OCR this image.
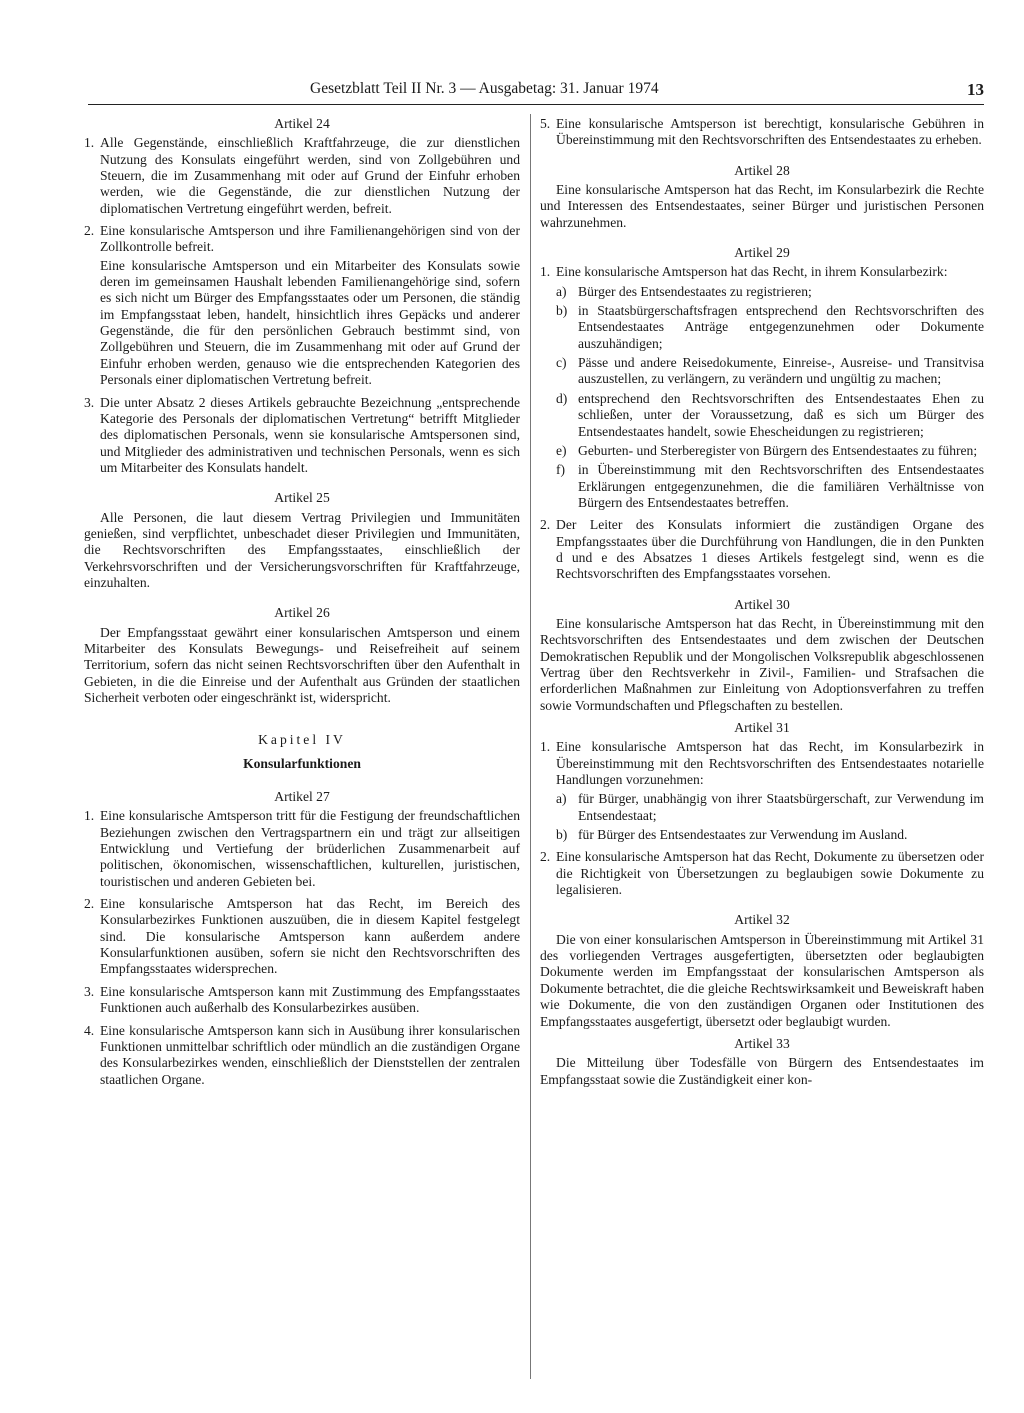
Gesetzblatt Teil II Nr. 3 — Ausgabetag: 31. Januar 1974	13
Artikel 24
1. Alle Gegenstände, einschließlich Kraftfahrzeuge, die zur dienstlichen Nutzung des Konsulats eingeführt werden, sind von Zollgebühren und Steuern, die im Zusammenhang mit oder auf Grund der Einfuhr erhoben werden, wie die Gegenstände, die zur dienstlichen Nutzung der diplomatischen Vertretung eingeführt werden, befreit.
2. Eine konsularische Amtsperson und ihre Familienangehörigen sind von der Zollkontrolle befreit.
Eine konsularische Amtsperson und ein Mitarbeiter des Konsulats sowie deren im gemeinsamen Haushalt lebenden Familienangehörige sind, sofern es sich nicht um Bürger des Empfangsstaates oder um Personen, die ständig im Empfangsstaat leben, handelt, hinsichtlich ihres Gepäcks und anderer Gegenstände, die für den persönlichen Gebrauch bestimmt sind, von Zollgebühren und Steuern, die im Zusammenhang mit oder auf Grund der Einfuhr erhoben werden, genauso wie die entsprechenden Kategorien des Personals einer diplomatischen Vertretung befreit.
3. Die unter Absatz 2 dieses Artikels gebrauchte Bezeichnung „entsprechende Kategorie des Personals der diplomatischen Vertretung“ betrifft Mitglieder des diplomatischen Personals, wenn sie konsularische Amtspersonen sind, und Mitglieder des administrativen und technischen Personals, wenn es sich um Mitarbeiter des Konsulats handelt.
Artikel 25
Alle Personen, die laut diesem Vertrag Privilegien und Immunitäten genießen, sind verpflichtet, unbeschadet dieser Privilegien und Immunitäten, die Rechtsvorschriften des Empfangsstaates, einschließlich der Verkehrsvorschriften und der Versicherungsvorschriften für Kraftfahrzeuge, einzuhalten.
Artikel 26
Der Empfangsstaat gewährt einer konsularischen Amtsperson und einem Mitarbeiter des Konsulats Bewegungs- und Reisefreiheit auf seinem Territorium, sofern das nicht seinen Rechtsvorschriften über den Aufenthalt in Gebieten, in die die Einreise und der Aufenthalt aus Gründen der staatlichen Sicherheit verboten oder eingeschränkt ist, widerspricht.
Kapitel IV
Konsularfunktionen
Artikel 27
1. Eine konsularische Amtsperson tritt für die Festigung der freundschaftlichen Beziehungen zwischen den Vertragspartnern ein und trägt zur allseitigen Entwicklung und Vertiefung der brüderlichen Zusammenarbeit auf politischen, ökonomischen, wissenschaftlichen, kulturellen, juristischen, touristischen und anderen Gebieten bei.
2. Eine konsularische Amtsperson hat das Recht, im Bereich des Konsularbezirkes Funktionen auszuüben, die in diesem Kapitel festgelegt sind. Die konsularische Amtsperson kann außerdem andere Konsularfunktionen ausüben, sofern sie nicht den Rechtsvorschriften des Empfangsstaates widersprechen.
3. Eine konsularische Amtsperson kann mit Zustimmung des Empfangsstaates Funktionen auch außerhalb des Konsularbezirkes ausüben.
4. Eine konsularische Amtsperson kann sich in Ausübung ihrer konsularischen Funktionen unmittelbar schriftlich oder mündlich an die zuständigen Organe des Konsularbezirkes wenden, einschließlich der Dienststellen der zentralen staatlichen Organe.
5. Eine konsularische Amtsperson ist berechtigt, konsularische Gebühren in Übereinstimmung mit den Rechtsvorschriften des Entsendestaates zu erheben.
Artikel 28
Eine konsularische Amtsperson hat das Recht, im Konsularbezirk die Rechte und Interessen des Entsendestaates, seiner Bürger und juristischen Personen wahrzunehmen.
Artikel 29
1. Eine konsularische Amtsperson hat das Recht, in ihrem Konsularbezirk:
a) Bürger des Entsendestaates zu registrieren;
b) in Staatsbürgerschaftsfragen entsprechend den Rechtsvorschriften des Entsendestaates Anträge entgegenzunehmen oder Dokumente auszuhändigen;
c) Pässe und andere Reisedokumente, Einreise-, Ausreise- und Transitvisa auszustellen, zu verlängern, zu verändern und ungültig zu machen;
d) entsprechend den Rechtsvorschriften des Entsendestaates Ehen zu schließen, unter der Voraussetzung, daß es sich um Bürger des Entsendestaates handelt, sowie Ehescheidungen zu registrieren;
e) Geburten- und Sterberegister von Bürgern des Entsendestaates zu führen;
f) in Übereinstimmung mit den Rechtsvorschriften des Entsendestaates Erklärungen entgegenzunehmen, die die familiären Verhältnisse von Bürgern des Entsendestaates betreffen.
2. Der Leiter des Konsulats informiert die zuständigen Organe des Empfangsstaates über die Durchführung von Handlungen, die in den Punkten d und e des Absatzes 1 dieses Artikels festgelegt sind, wenn es die Rechtsvorschriften des Empfangsstaates vorsehen.
Artikel 30
Eine konsularische Amtsperson hat das Recht, in Übereinstimmung mit den Rechtsvorschriften des Entsendestaates und dem zwischen der Deutschen Demokratischen Republik und der Mongolischen Volksrepublik abgeschlossenen Vertrag über den Rechtsverkehr in Zivil-, Familien- und Strafsachen die erforderlichen Maßnahmen zur Einleitung von Adoptionsverfahren zu treffen sowie Vormundschaften und Pflegschaften zu bestellen.
Artikel 31
1. Eine konsularische Amtsperson hat das Recht, im Konsularbezirk in Übereinstimmung mit den Rechtsvorschriften des Entsendestaates notarielle Handlungen vorzunehmen:
a) für Bürger, unabhängig von ihrer Staatsbürgerschaft, zur Verwendung im Entsendestaat;
b) für Bürger des Entsendestaates zur Verwendung im Ausland.
2. Eine konsularische Amtsperson hat das Recht, Dokumente zu übersetzen oder die Richtigkeit von Übersetzungen zu beglaubigen sowie Dokumente zu legalisieren.
Artikel 32
Die von einer konsularischen Amtsperson in Übereinstimmung mit Artikel 31 des vorliegenden Vertrages ausgefertigten, übersetzten oder beglaubigten Dokumente werden im Empfangsstaat der konsularischen Amtsperson als Dokumente betrachtet, die die gleiche Rechtswirksamkeit und Beweiskraft haben wie Dokumente, die von den zuständigen Organen oder Institutionen des Empfangsstaates ausgefertigt, übersetzt oder beglaubigt wurden.
Artikel 33
Die Mitteilung über Todesfälle von Bürgern des Entsendestaates im Empfangsstaat sowie die Zuständigkeit einer kon-
